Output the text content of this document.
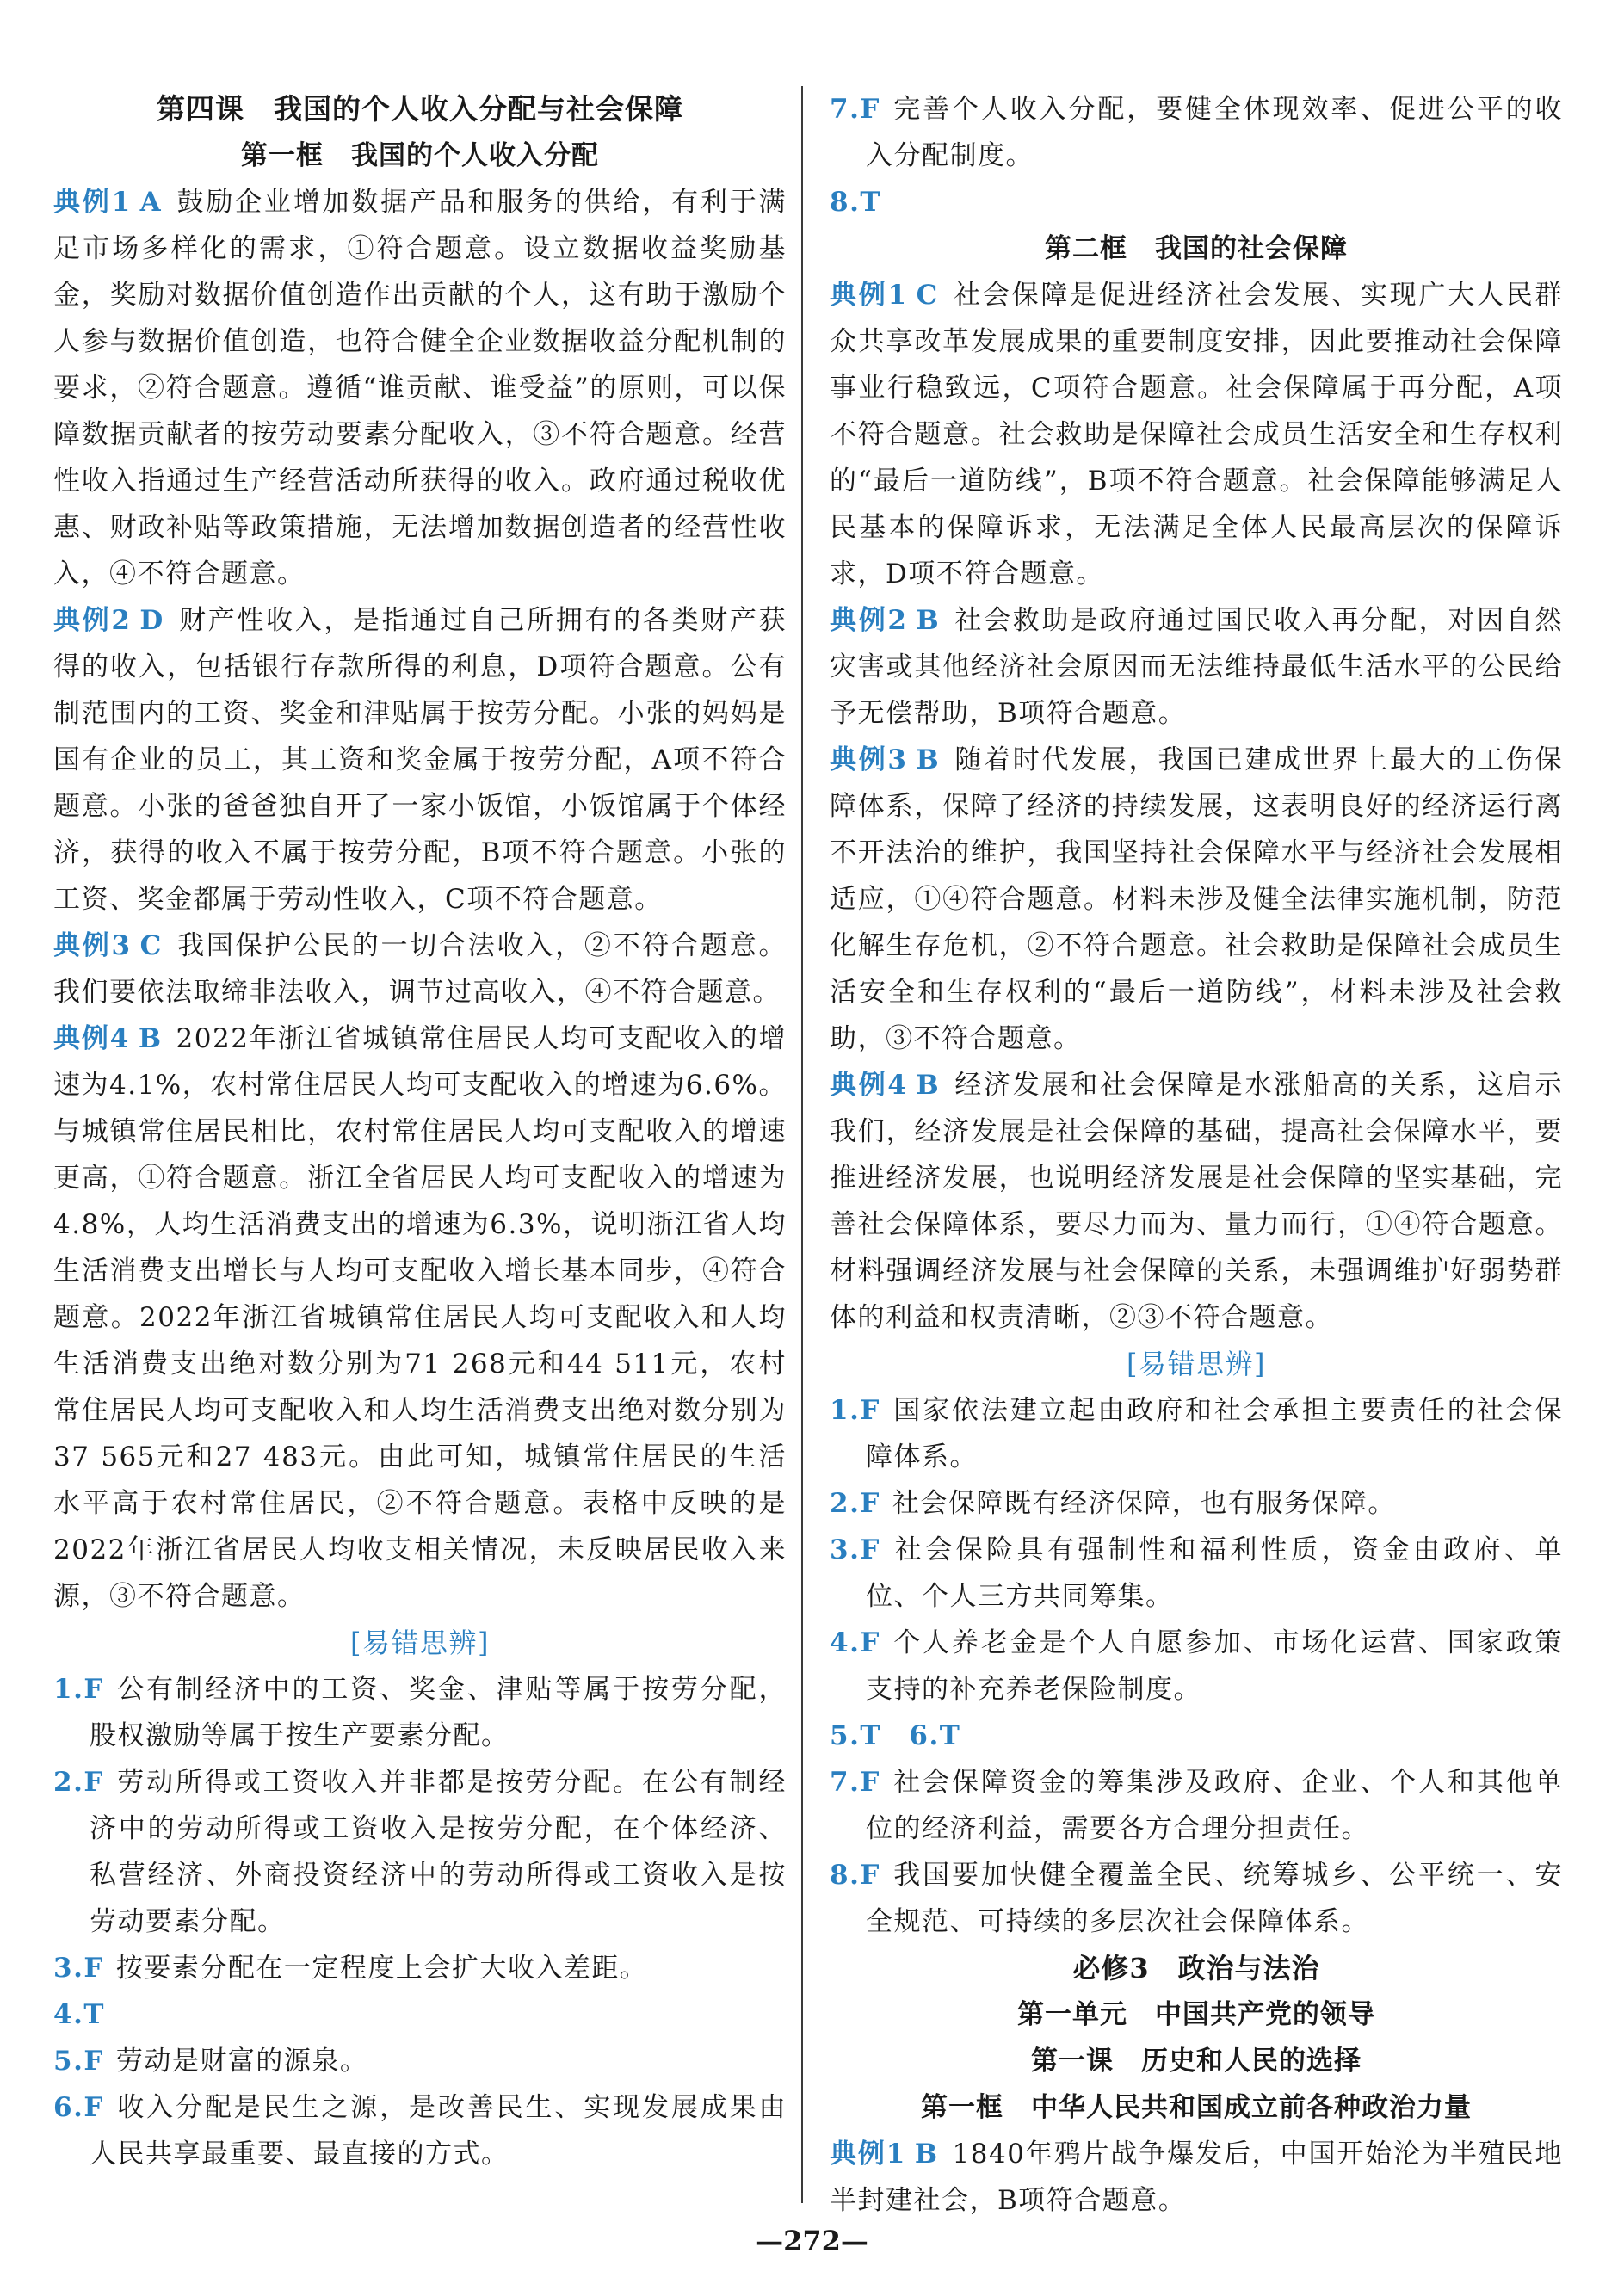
第四课　我国的个人收入分配与社会保障
第一框　我国的个人收入分配

典例1 A 鼓励企业增加数据产品和服务的供给，有利于满足市场多样化的需求，①符合题意。设立数据收益奖励基金，奖励对数据价值创造作出贡献的个人，这有助于激励个人参与数据价值创造，也符合健全企业数据收益分配机制的要求，②符合题意。遵循“谁贡献、谁受益”的原则，可以保障数据贡献者的按劳动要素分配收入，③不符合题意。经营性收入指通过生产经营活动所获得的收入。政府通过税收优惠、财政补贴等政策措施，无法增加数据创造者的经营性收入，④不符合题意。

典例2 D 财产性收入，是指通过自己所拥有的各类财产获得的收入，包括银行存款所得的利息，D项符合题意。公有制范围内的工资、奖金和津贴属于按劳分配。小张的妈妈是国有企业的员工，其工资和奖金属于按劳分配，A项不符合题意。小张的爸爸独自开了一家小饭馆，小饭馆属于个体经济，获得的收入不属于按劳分配，B项不符合题意。小张的工资、奖金都属于劳动性收入，C项不符合题意。

典例3 C 我国保护公民的一切合法收入，②不符合题意。我们要依法取缔非法收入，调节过高收入，④不符合题意。

典例4 B 2022年浙江省城镇常住居民人均可支配收入的增速为4.1%，农村常住居民人均可支配收入的增速为6.6%。与城镇常住居民相比，农村常住居民人均可支配收入的增速更高，①符合题意。浙江全省居民人均可支配收入的增速为4.8%，人均生活消费支出的增速为6.3%，说明浙江省人均生活消费支出增长与人均可支配收入增长基本同步，④符合题意。2022年浙江省城镇常住居民人均可支配收入和人均生活消费支出绝对数分别为71 268元和44 511元，农村常住居民人均可支配收入和人均生活消费支出绝对数分别为37 565元和27 483元。由此可知，城镇常住居民的生活水平高于农村常住居民，②不符合题意。表格中反映的是2022年浙江省居民人均收支相关情况，未反映居民收入来源，③不符合题意。

[易错思辨]

1.F 公有制经济中的工资、奖金、津贴等属于按劳分配，股权激励等属于按生产要素分配。

2.F 劳动所得或工资收入并非都是按劳分配。在公有制经济中的劳动所得或工资收入是按劳分配，在个体经济、私营经济、外商投资经济中的劳动所得或工资收入是按劳动要素分配。

3.F 按要素分配在一定程度上会扩大收入差距。

4.T

5.F 劳动是财富的源泉。

6.F 收入分配是民生之源，是改善民生、实现发展成果由人民共享最重要、最直接的方式。

7.F 完善个人收入分配，要健全体现效率、促进公平的收入分配制度。

8.T

第二框　我国的社会保障

典例1 C 社会保障是促进经济社会发展、实现广大人民群众共享改革发展成果的重要制度安排，因此要推动社会保障事业行稳致远，C项符合题意。社会保障属于再分配，A项不符合题意。社会救助是保障社会成员生活安全和生存权利的“最后一道防线”，B项不符合题意。社会保障能够满足人民基本的保障诉求，无法满足全体人民最高层次的保障诉求，D项不符合题意。

典例2 B 社会救助是政府通过国民收入再分配，对因自然灾害或其他经济社会原因而无法维持最低生活水平的公民给予无偿帮助，B项符合题意。

典例3 B 随着时代发展，我国已建成世界上最大的工伤保障体系，保障了经济的持续发展，这表明良好的经济运行离不开法治的维护，我国坚持社会保障水平与经济社会发展相适应，①④符合题意。材料未涉及健全法律实施机制，防范化解生存危机，②不符合题意。社会救助是保障社会成员生活安全和生存权利的“最后一道防线”，材料未涉及社会救助，③不符合题意。

典例4 B 经济发展和社会保障是水涨船高的关系，这启示我们，经济发展是社会保障的基础，提高社会保障水平，要推进经济发展，也说明经济发展是社会保障的坚实基础，完善社会保障体系，要尽力而为、量力而行，①④符合题意。材料强调经济发展与社会保障的关系，未强调维护好弱势群体的利益和权责清晰，②③不符合题意。

[易错思辨]

1.F 国家依法建立起由政府和社会承担主要责任的社会保障体系。

2.F 社会保障既有经济保障，也有服务保障。

3.F 社会保险具有强制性和福利性质，资金由政府、单位、个人三方共同筹集。

4.F 个人养老金是个人自愿参加、市场化运营、国家政策支持的补充养老保险制度。

5.T　6.T

7.F 社会保障资金的筹集涉及政府、企业、个人和其他单位的经济利益，需要各方合理分担责任。

8.F 我国要加快健全覆盖全民、统筹城乡、公平统一、安全规范、可持续的多层次社会保障体系。

必修3　政治与法治
第一单元　中国共产党的领导
第一课　历史和人民的选择
第一框　中华人民共和国成立前各种政治力量

典例1 B 1840年鸦片战争爆发后，中国开始沦为半殖民地半封建社会，B项符合题意。

—272—
